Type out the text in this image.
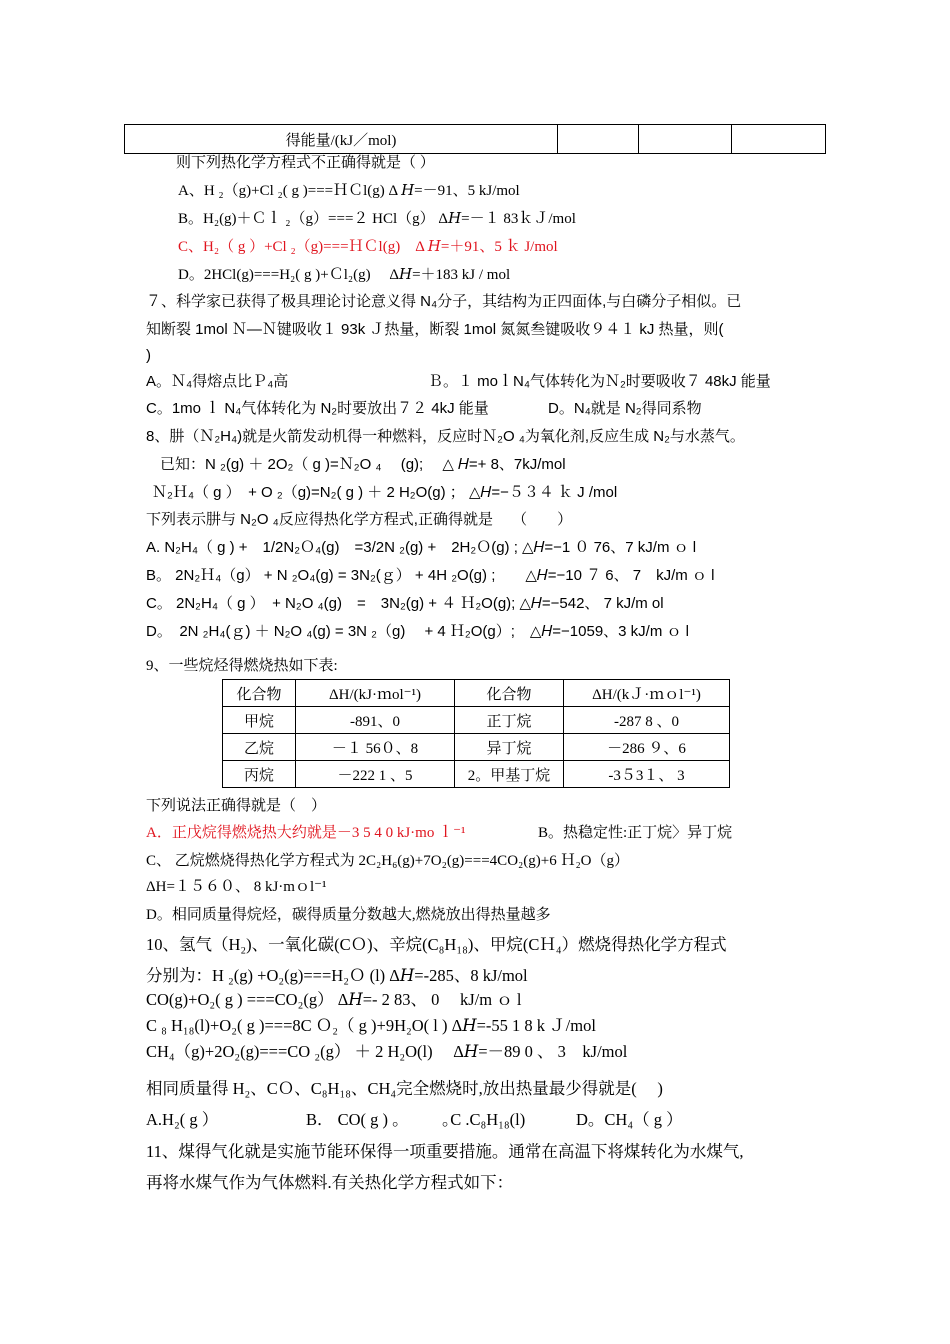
得能量/(kJ／mol)			
则下列热化学方程式不正确得就是（ ）
A、H ₂（g)+Cl ₂( g )===ＨＣl(g) Δ 𝐻=－91、5 kJ/mol
B。H₂(g)＋Ｃｌ ₂（g）===２ HCl（g） Δ𝐻=－１ 83ｋＪ/mol
C、H₂（ g ）+Cl ₂（g)===ＨＣl(g)　Δ 𝐻=＋91、5 ｋ J/mol
D。2HCl(g)===H₂( g )+Ｃl₂(g)　 Δ𝐻=＋183 kJ / mol
７、科学家已获得了极具理论讨论意义得 N₄分子，其结构为正四面体,与白磷分子相似。已
知断裂 1mol Ｎ—Ｎ键吸收１ 93k Ｊ热量，断裂 1mol 氮氮叁键吸收９４１ kJ 热量，则(
)
A。Ｎ₄得熔点比Ｐ₄高	Ｂ。１ moｌN₄气体转化为Ｎ₂时要吸收７ 48kJ 能量
C。1mo ｌ N₄气体转化为 N₂时要放出７２ 4kJ 能量	D。N₄就是 N₂得同系物
8、肼（Ｎ₂H₄)就是火箭发动机得一种燃料，反应时Ｎ₂O ₄为氧化剂,反应生成 N₂与水蒸气。
已知：N ₂(g) ＋ 2O₂（ g )=Ｎ₂O ₄　 (g);　 △ 𝐻=+ 8、7kJ/mol
Ｎ₂Ｈ₄（ g ）　+ O ₂（g)=N₂( g ) ＋ 2 H₂O(g) ； △𝐻=−５３４ ｋ J /mol
下列表示肼与 N₂O ₄反应得热化学方程式,正确得就是　 （　　）
A. N₂H₄（ g ) +　1/2N₂Ｏ₄(g)　=3/2N ₂(g) +　2H₂Ｏ(g) ; △𝐻=−1 ０ 76、7 kJ/m ｏ l
B。 2N₂Ｈ₄（g） + N ₂O₄(g) = 3N₂(ｇ） + 4H ₂O(g) ;　　△𝐻=−10 ７ 6、 7　kJ/m ｏ l
C。 2N₂H₄（ g ）　+ N₂O ₄(g)　=　3N₂(g) + ４ Ｈ₂O(g); △𝐻=−542、 7 kJ/m ol
D。　2N ₂H₄(ｇ) ＋ N₂O ₄(g) = 3N ₂（g)　 + 4 Ｈ₂O(g）;　△𝐻=−1059、3 kJ/m ｏ l
9、一些烷烃得燃烧热如下表:
化合物	ΔH/(kJ·ｍol⁻¹)	化合物	ΔH/(kＪ·ｍｏl⁻¹)
甲烷	-891、0	正丁烷	-287 8 、0
乙烷	－１ 56０、8	异丁烷	－286 ９、6
丙烷	－222 1 、5	2。甲基丁烷	-3５3１、 3
下列说法正确得就是（　）
A．正戊烷得燃烧热大约就是－3 5 4 0 kJ·mo ｌ⁻¹	B。热稳定性:正丁烷〉异丁烷
C、 乙烷燃烧得热化学方程式为 2C₂H₆(g)+7O₂(g)===4CO₂(g)+6 Ｈ₂O（g）
ΔH=１５６０、 8 kJ·mｏl⁻¹
D。相同质量得烷烃，碳得质量分数越大,燃烧放出得热量越多
10、氢气（H₂)、一氧化碳(CＯ)、辛烷(C₈H₁₈)、甲烷(CＨ₄）燃烧得热化学方程式
分别为：H ₂(g) +O₂(g)===H₂Ｏ (l) Δ𝐻=-285、8 kJ/mol
CO(g)+O₂( g ) ===CO₂(g） Δ𝐻=- 2 83、 0　 kJ/m ｏ l
C ₈ H₁₈(l)+O₂( g )===8C Ｏ₂（ g )+9H₂O( l ) Δ𝐻=-55 1 8 k Ｊ/mol
CH₄（g)+2O₂(g)===CO ₂(g） ＋ 2 H₂O(l)　 Δ𝐻=－89 0 、 3　kJ/mol
相同质量得 H₂、CＯ、C₈H₁₈、CH₄完全燃烧时,放出热量最少得就是(　 )
A.H₂( g ）	B． CO( g ) ｡	｡C .C₈H₁₈(l)	D。CH₄（ g ）
11、煤得气化就是实施节能环保得一项重要措施。通常在高温下将煤转化为水煤气,
再将水煤气作为气体燃料.有关热化学方程式如下：
